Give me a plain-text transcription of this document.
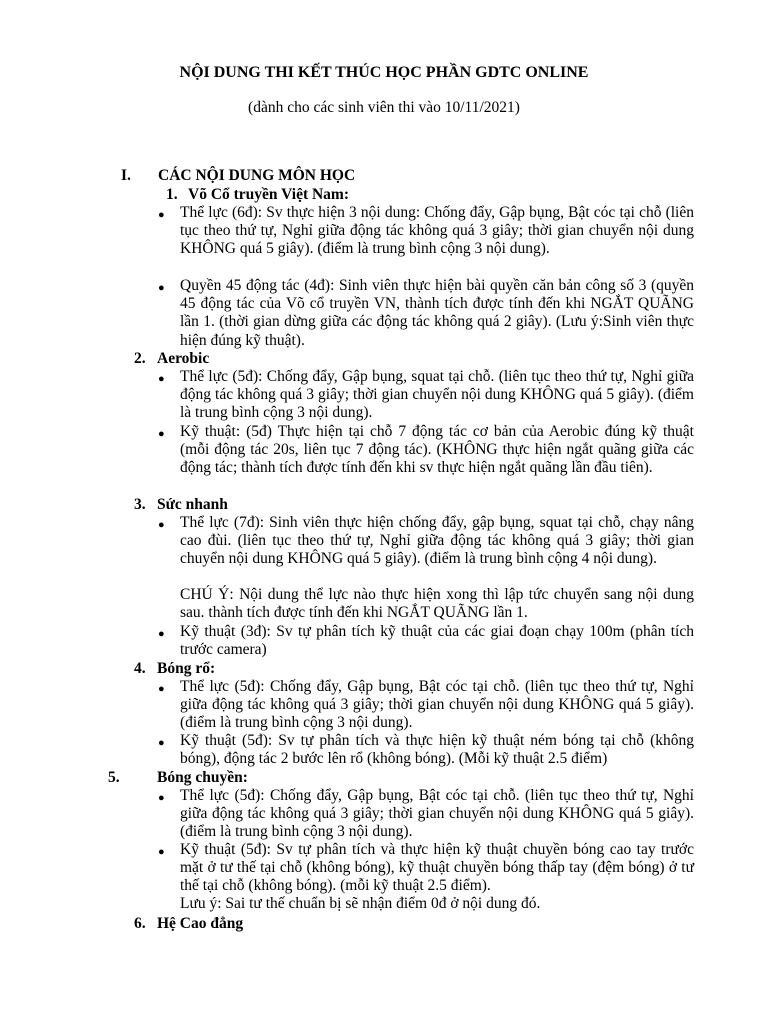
NỘI DUNG THI KẾT THÚC HỌC PHẦN GDTC ONLINE
(dành cho các sinh viên thi vào 10/11/2021)
I. CÁC NỘI DUNG MÔN HỌC
1. Võ Cổ truyền Việt Nam:
● Thể lực (6đ): Sv thực hiện 3 nội dung: Chống đẩy, Gập bụng, Bật cóc tại chỗ (liên tục theo thứ tự, Nghỉ giữa động tác không quá 3 giây; thời gian chuyển nội dung KHÔNG quá 5 giây). (điểm là trung bình cộng 3 nội dung).
● Quyền 45 động tác (4đ): Sinh viên thực hiện bài quyền căn bản công số 3 (quyền 45 động tác của Võ cổ truyền VN, thành tích được tính đến khi NGẮT QUÃNG lần 1. (thời gian dừng giữa các động tác không quá 2 giây). (Lưu ý:Sinh viên thực hiện đúng kỹ thuật).
2. Aerobic
● Thể lực (5đ): Chống đẩy, Gập bụng, squat tại chỗ. (liên tục theo thứ tự, Nghỉ giữa động tác không quá 3 giây; thời gian chuyển nội dung KHÔNG quá 5 giây). (điểm là trung bình cộng 3 nội dung).
● Kỹ thuật: (5đ) Thực hiện tại chỗ 7 động tác cơ bản của Aerobic đúng kỹ thuật (mỗi động tác 20s, liên tục 7 động tác). (KHÔNG thực hiện ngắt quãng giữa các động tác; thành tích được tính đến khi sv thực hiện ngắt quãng lần đầu tiên).
3. Sức nhanh
● Thể lực (7đ): Sinh viên thực hiện chống đẩy, gập bụng, squat tại chỗ, chạy nâng cao đùi. (liên tục theo thứ tự, Nghỉ giữa động tác không quá 3 giây; thời gian chuyển nội dung KHÔNG quá 5 giây). (điểm là trung bình cộng 4 nội dung).
CHÚ Ý: Nội dung thể lực nào thực hiện xong thì lập tức chuyển sang nội dung sau. thành tích được tính đến khi NGẮT QUÃNG lần 1.
● Kỹ thuật (3đ): Sv tự phân tích kỹ thuật của các giai đoạn chạy 100m (phân tích trước camera)
4. Bóng rổ:
● Thể lực (5đ): Chống đẩy, Gập bụng, Bật cóc tại chỗ. (liên tục theo thứ tự, Nghỉ giữa động tác không quá 3 giây; thời gian chuyển nội dung KHÔNG quá 5 giây). (điểm là trung bình cộng 3 nội dung).
● Kỹ thuật (5đ): Sv tự phân tích và thực hiện kỹ thuật ném bóng tại chỗ (không bóng), động tác 2 bước lên rổ (không bóng). (Mỗi kỹ thuật 2.5 điểm)
5. Bóng chuyền:
● Thể lực (5đ): Chống đẩy, Gập bụng, Bật cóc tại chỗ. (liên tục theo thứ tự, Nghỉ giữa động tác không quá 3 giây; thời gian chuyển nội dung KHÔNG quá 5 giây). (điểm là trung bình cộng 3 nội dung).
● Kỹ thuật (5đ): Sv tự phân tích và thực hiện kỹ thuật chuyền bóng cao tay trước mặt ở tư thế tại chỗ (không bóng), kỹ thuật chuyền bóng thấp tay (đệm bóng) ở tư thế tại chỗ (không bóng). (mỗi kỹ thuật 2.5 điểm).
Lưu ý: Sai tư thế chuẩn bị sẽ nhận điểm 0đ ở nội dung đó.
6. Hệ Cao đẳng
